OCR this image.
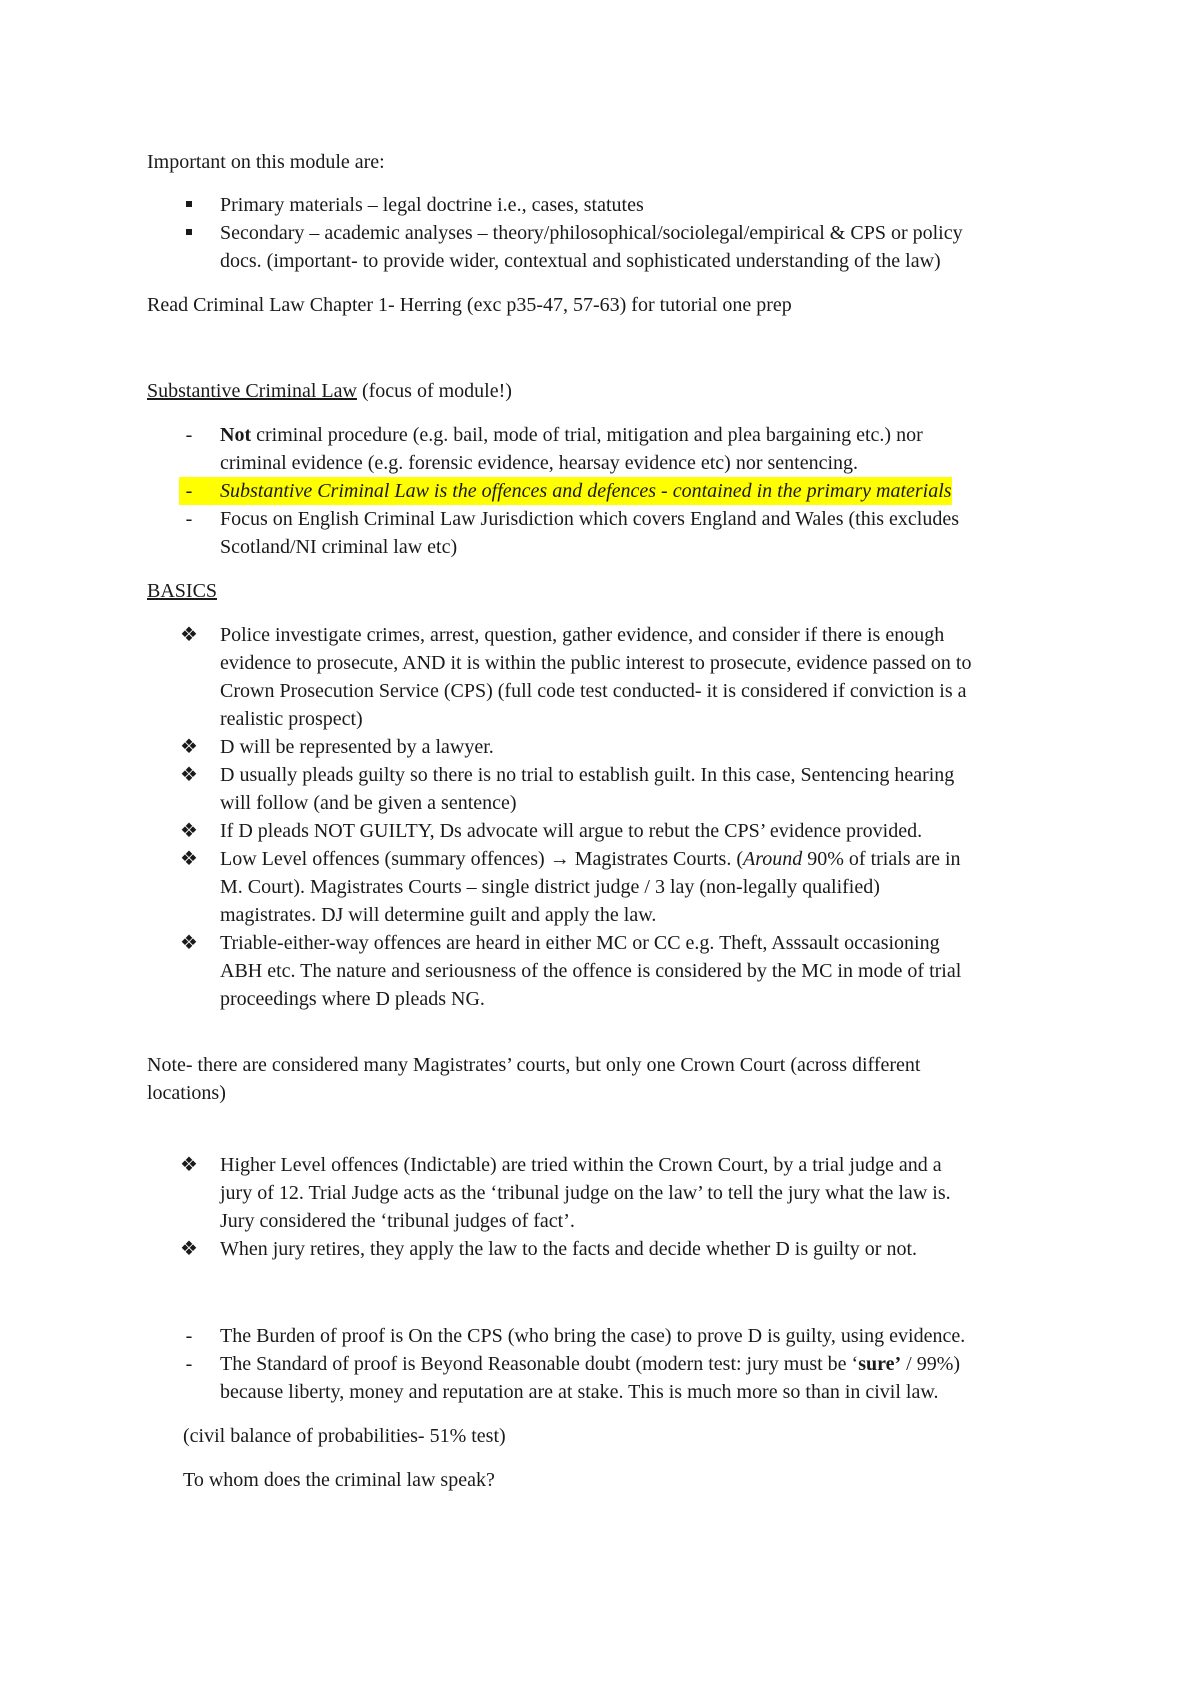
Important on this module are:
Primary materials – legal doctrine i.e., cases, statutes
Secondary – academic analyses – theory/philosophical/sociolegal/empirical & CPS or policy
docs. (important- to provide wider, contextual and sophisticated understanding of the law)
Read Criminal Law Chapter 1- Herring (exc p35-47, 57-63) for tutorial one prep
Substantive Criminal Law (focus of module!)
-	Not criminal procedure (e.g. bail, mode of trial, mitigation and plea bargaining etc.) nor
criminal evidence (e.g. forensic evidence, hearsay evidence etc) nor sentencing.
-	Substantive Criminal Law is the offences and defences - contained in the primary materials
-	Focus on English Criminal Law Jurisdiction which covers England and Wales (this excludes
Scotland/NI criminal law etc)
BASICS
❖ Police investigate crimes, arrest, question, gather evidence, and consider if there is enough
evidence to prosecute, AND it is within the public interest to prosecute, evidence passed on to
Crown Prosecution Service (CPS) (full code test conducted- it is considered if conviction is a
realistic prospect)
❖ D will be represented by a lawyer.
❖ D usually pleads guilty so there is no trial to establish guilt. In this case, Sentencing hearing
will follow (and be given a sentence)
❖ If D pleads NOT GUILTY, Ds advocate will argue to rebut the CPS’ evidence provided.
❖ Low Level offences (summary offences) → Magistrates Courts. (Around 90% of trials are in
M. Court). Magistrates Courts – single district judge / 3 lay (non-legally qualified)
magistrates. DJ will determine guilt and apply the law.
❖ Triable-either-way offences are heard in either MC or CC e.g. Theft, Asssault occasioning
ABH etc. The nature and seriousness of the offence is considered by the MC in mode of trial
proceedings where D pleads NG.
Note- there are considered many Magistrates’ courts, but only one Crown Court (across different
locations)
❖ Higher Level offences (Indictable) are tried within the Crown Court, by a trial judge and a
jury of 12. Trial Judge acts as the ‘tribunal judge on the law’ to tell the jury what the law is.
Jury considered the ‘tribunal judges of fact’.
❖ When jury retires, they apply the law to the facts and decide whether D is guilty or not.
-	The Burden of proof is On the CPS (who bring the case) to prove D is guilty, using evidence.
-	The Standard of proof is Beyond Reasonable doubt (modern test: jury must be ‘sure’ / 99%)
because liberty, money and reputation are at stake. This is much more so than in civil law.
(civil balance of probabilities- 51% test)
To whom does the criminal law speak?
